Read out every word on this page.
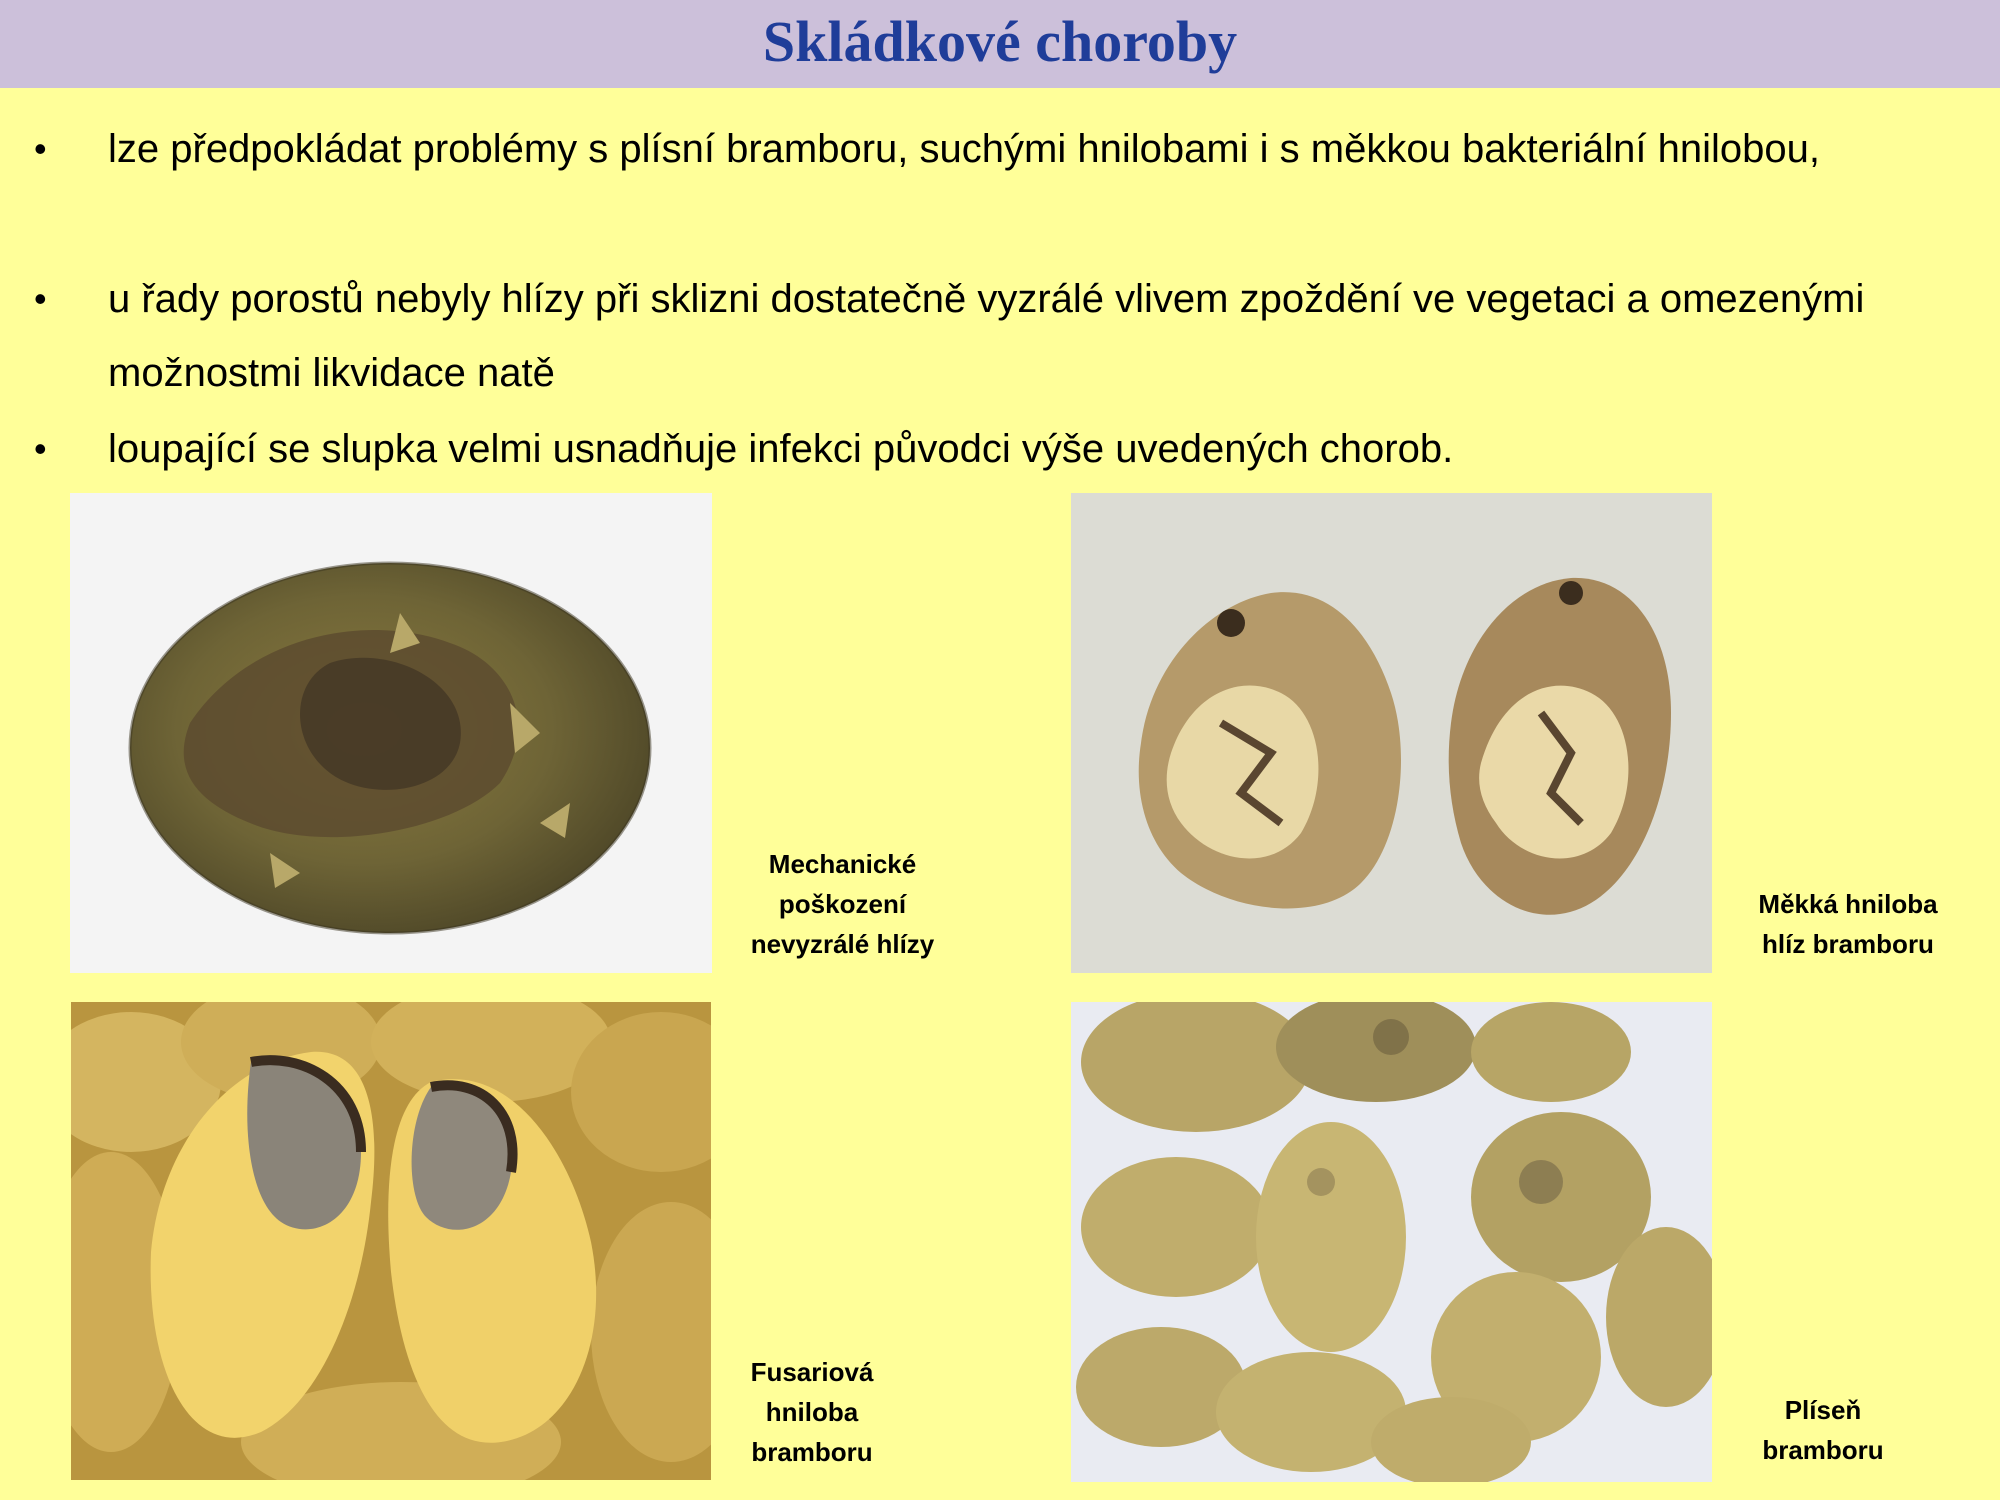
Skládkové choroby
• lze předpokládat problémy s plísní bramboru, suchými hnilobami i s měkkou bakteriální hnilobou,
• u řady porostů nebyly hlízy při sklizni dostatečně vyzrálé vlivem zpoždění ve vegetaci a omezenými možnostmi likvidace natě
• loupající se slupka velmi usnadňuje infekci původci výše uvedených chorob.
Mechanické
poškození
nevyzrálé hlízy
Měkká hniloba
hlíz bramboru
Fusariová
hniloba
bramboru
Plíseň
bramboru
